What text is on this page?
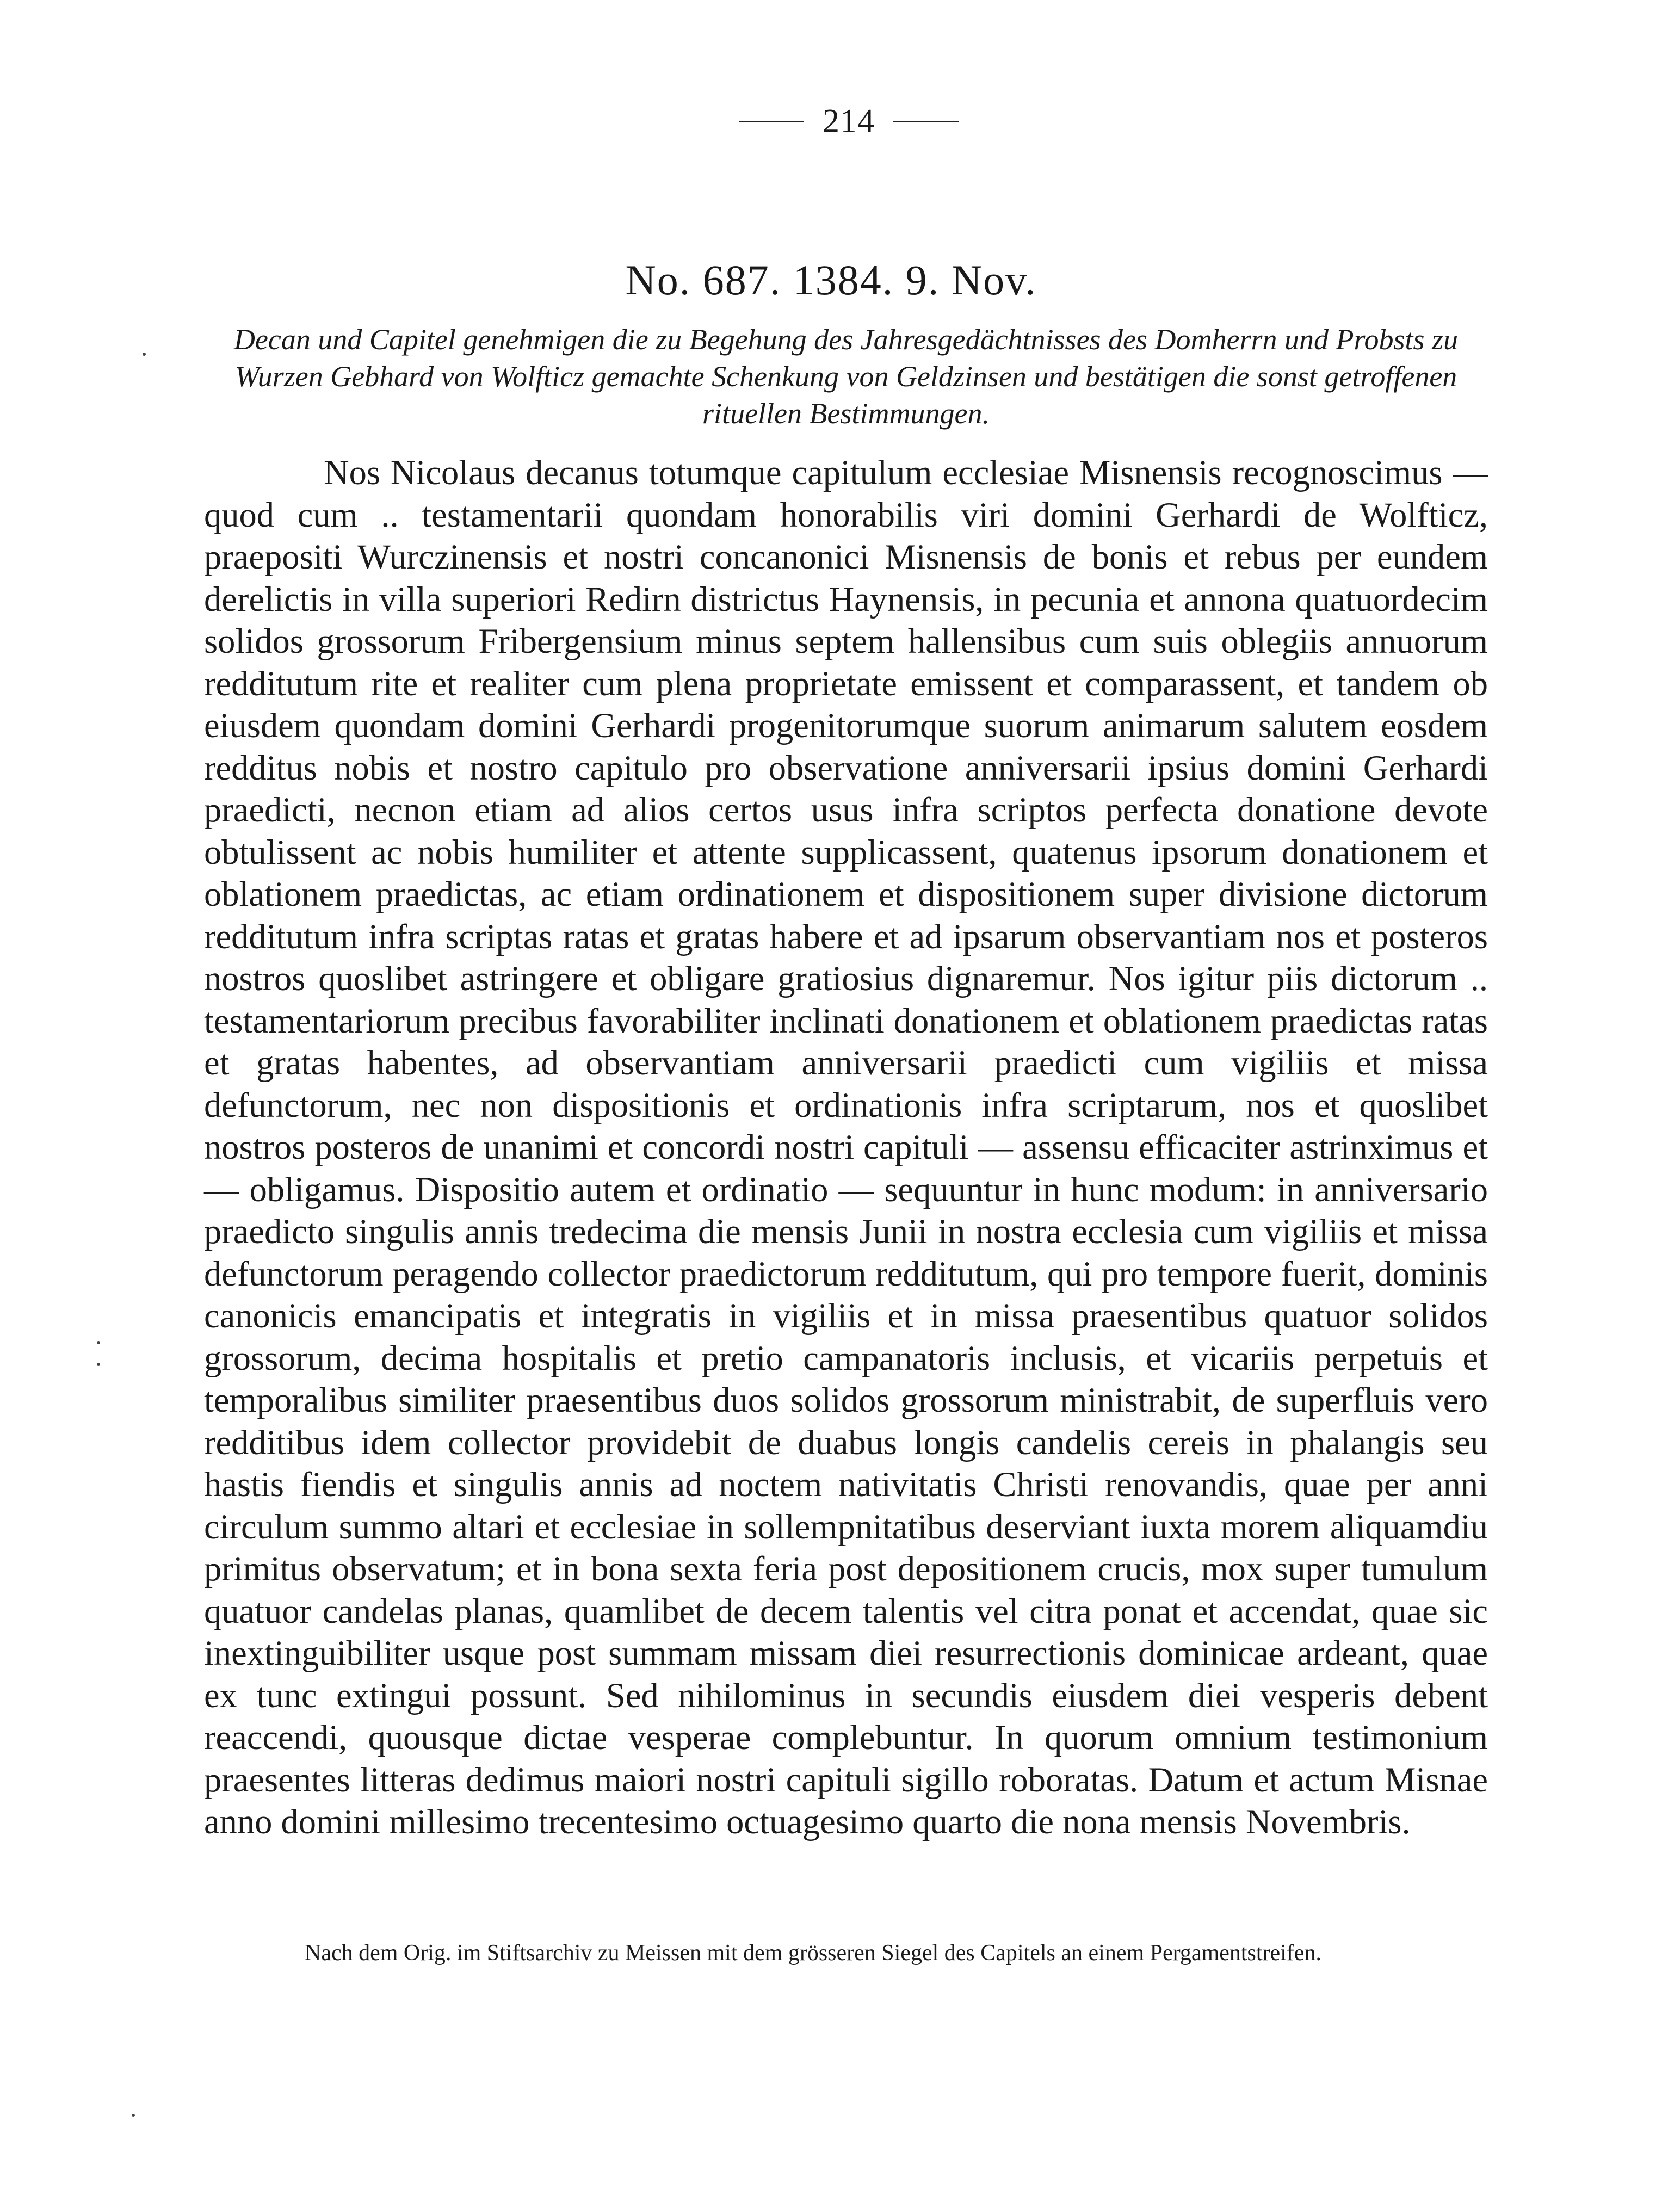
214
No. 687. 1384. 9. Nov.
Decan und Capitel genehmigen die zu Begehung des Jahresgedächtnisses des Domherrn und Probsts zu Wurzen Gebhard von Wolfticz gemachte Schenkung von Geldzinsen und bestätigen die sonst getroffenen rituellen Bestimmungen.
Nos Nicolaus decanus totumque capitulum ecclesiae Misnensis recognoscimus — quod cum .. testamentarii quondam honorabilis viri domini Gerhardi de Wolfticz, praepositi Wurczinensis et nostri concanonici Misnensis de bonis et rebus per eundem derelictis in villa superiori Redirn districtus Haynensis, in pecunia et annona quatuordecim solidos grossorum Fribergensium minus septem hallensibus cum suis oblegiis annuorum redditutum rite et realiter cum plena proprietate emissent et comparassent, et tandem ob eiusdem quondam domini Gerhardi progenitorumque suorum animarum salutem eosdem redditus nobis et nostro capitulo pro observatione anniversarii ipsius domini Gerhardi praedicti, necnon etiam ad alios certos usus infra scriptos perfecta donatione devote obtulissent ac nobis humiliter et attente supplicassent, quatenus ipsorum donationem et oblationem praedictas, ac etiam ordinationem et dispositionem super divisione dictorum redditutum infra scriptas ratas et gratas habere et ad ipsarum observantiam nos et posteros nostros quoslibet astringere et obligare gratiosius dignaremur. Nos igitur piis dictorum .. testamentariorum precibus favorabiliter inclinati donationem et oblationem praedictas ratas et gratas habentes, ad observantiam anniversarii praedicti cum vigiliis et missa defunctorum, nec non dispositionis et ordinationis infra scriptarum, nos et quoslibet nostros posteros de unanimi et concordi nostri capituli — assensu efficaciter astrinximus et — obligamus. Dispositio autem et ordinatio — sequuntur in hunc modum: in anniversario praedicto singulis annis tredecima die mensis Junii in nostra ecclesia cum vigiliis et missa defunctorum peragendo collector praedictorum redditutum, qui pro tempore fuerit, dominis canonicis emancipatis et integratis in vigiliis et in missa praesentibus quatuor solidos grossorum, decima hospitalis et pretio campanatoris inclusis, et vicariis perpetuis et temporalibus similiter praesentibus duos solidos grossorum ministrabit, de superfluis vero redditibus idem collector providebit de duabus longis candelis cereis in phalangis seu hastis fiendis et singulis annis ad noctem nativitatis Christi renovandis, quae per anni circulum summo altari et ecclesiae in sollempnitatibus deserviant iuxta morem aliquamdiu primitus observatum; et in bona sexta feria post depositionem crucis, mox super tumulum quatuor candelas planas, quamlibet de decem talentis vel citra ponat et accendat, quae sic inextinguibiliter usque post summam missam diei resurrectionis dominicae ardeant, quae ex tunc extingui possunt. Sed nihilominus in secundis eiusdem diei vesperis debent reaccendi, quousque dictae vesperae complebuntur. In quorum omnium testimonium praesentes litteras dedimus maiori nostri capituli sigillo roboratas. Datum et actum Misnae anno domini millesimo trecentesimo octuagesimo quarto die nona mensis Novembris.
Nach dem Orig. im Stiftsarchiv zu Meissen mit dem grösseren Siegel des Capitels an einem Pergamentstreifen.
